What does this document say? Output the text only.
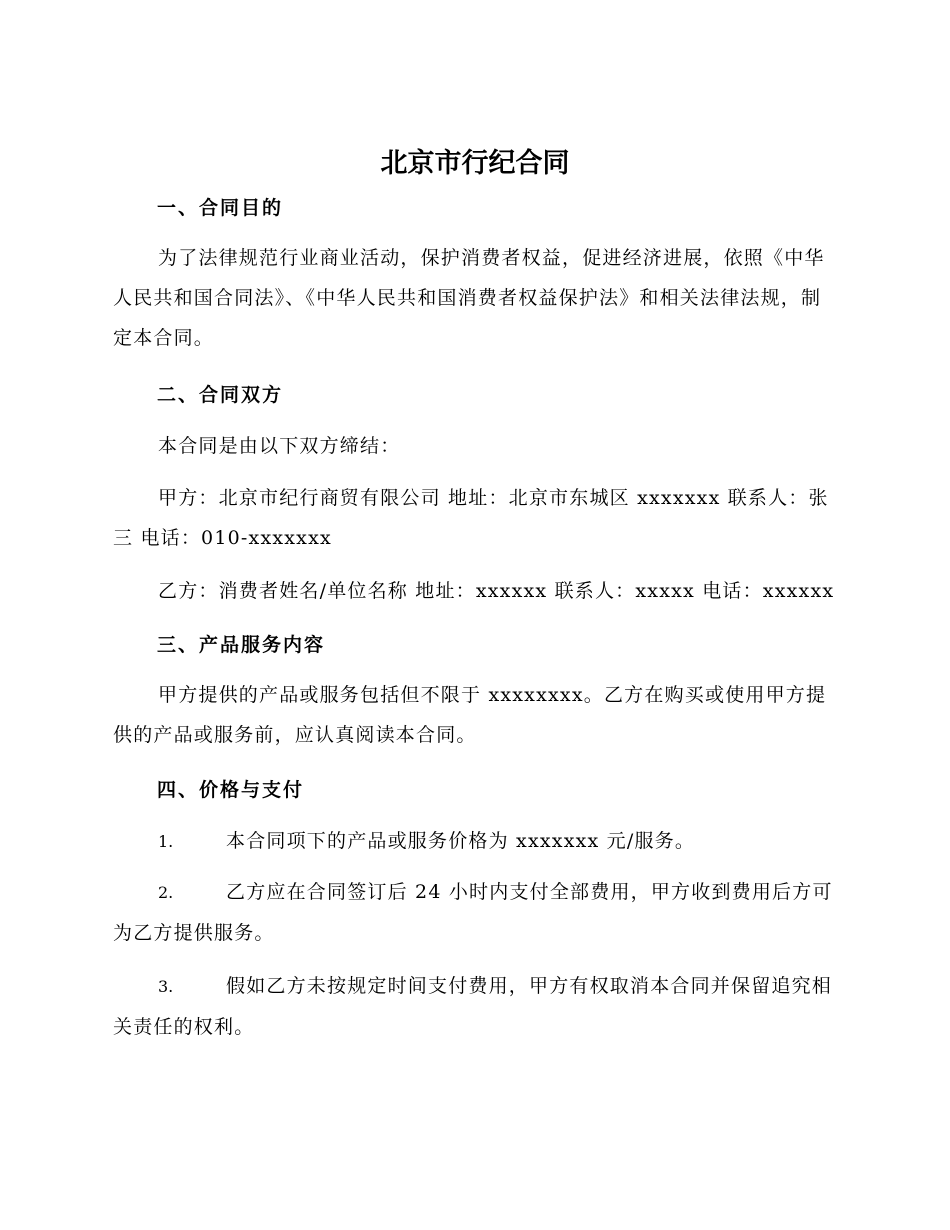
北京市行纪合同
一、合同目的
为了法律规范行业商业活动，保护消费者权益，促进经济进展，依照《中华人民共和国合同法》、《中华人民共和国消费者权益保护法》和相关法律法规，制定本合同。
二、合同双方
本合同是由以下双方缔结：
甲方：北京市纪行商贸有限公司 地址：北京市东城区 xxxxxxx 联系人：张三 电话：010-xxxxxxx
乙方：消费者姓名/单位名称 地址：xxxxxx 联系人：xxxxx 电话：xxxxxx
三、产品服务内容
甲方提供的产品或服务包括但不限于 xxxxxxxx。乙方在购买或使用甲方提供的产品或服务前，应认真阅读本合同。
四、价格与支付
1.	本合同项下的产品或服务价格为 xxxxxxx 元/服务。
2.	乙方应在合同签订后 24 小时内支付全部费用，甲方收到费用后方可为乙方提供服务。
3.	假如乙方未按规定时间支付费用，甲方有权取消本合同并保留追究相关责任的权利。
